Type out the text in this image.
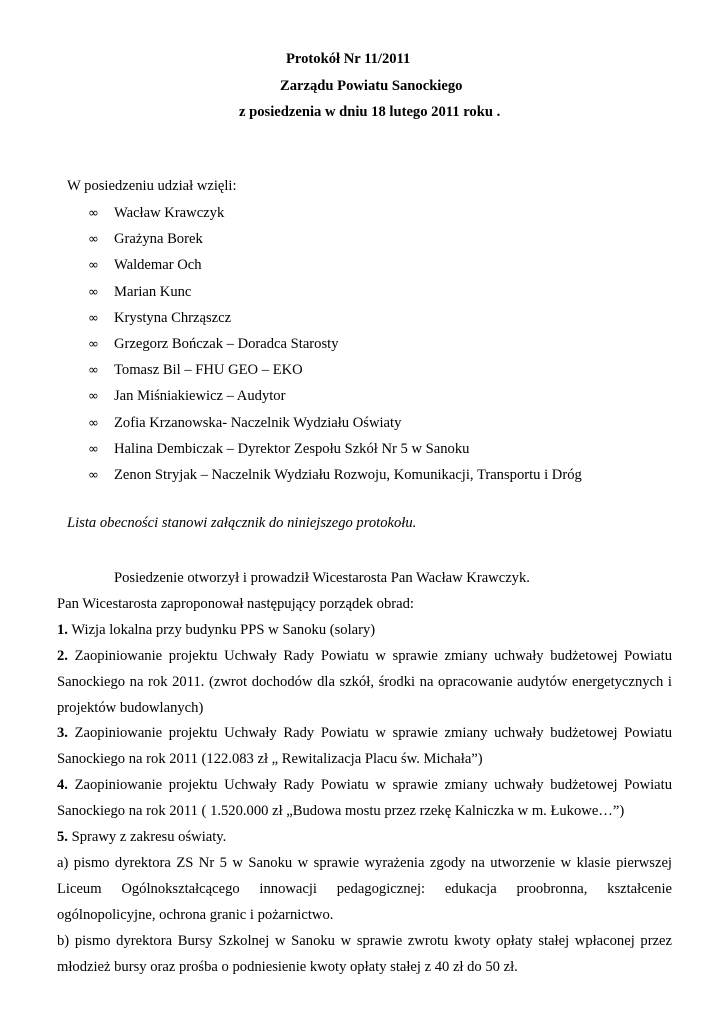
Protokół Nr 11/2011
Zarządu Powiatu Sanockiego
z posiedzenia w dniu 18 lutego 2011 roku .
W posiedzeniu udział wzięli:
∞ Wacław Krawczyk
∞ Grażyna Borek
∞ Waldemar Och
∞ Marian Kunc
∞ Krystyna Chrząszcz
∞ Grzegorz Bończak – Doradca Starosty
∞ Tomasz Bil – FHU GEO – EKO
∞ Jan Miśniakiewicz – Audytor
∞ Zofia Krzanowska- Naczelnik Wydziału Oświaty
∞ Halina Dembiczak – Dyrektor Zespołu Szkół Nr 5 w Sanoku
∞ Zenon Stryjak – Naczelnik Wydziału Rozwoju, Komunikacji, Transportu i Dróg
Lista obecności stanowi załącznik do niniejszego protokołu.

Posiedzenie otworzył i prowadził Wicestarosta Pan Wacław Krawczyk.

Pan Wicestarosta zaproponował następujący porządek obrad:

1. Wizja lokalna przy budynku PPS w Sanoku (solary)

2. Zaopiniowanie projektu Uchwały Rady Powiatu w sprawie zmiany uchwały budżetowej Powiatu Sanockiego na rok 2011. (zwrot dochodów dla szkół, środki na opracowanie audytów energetycznych i projektów budowlanych)

3. Zaopiniowanie projektu Uchwały Rady Powiatu w sprawie zmiany uchwały budżetowej Powiatu Sanockiego na rok 2011 (122.083 zł „ Rewitalizacja Placu św. Michała”)

4. Zaopiniowanie projektu Uchwały Rady Powiatu w sprawie zmiany uchwały budżetowej Powiatu Sanockiego na rok 2011 ( 1.520.000 zł „Budowa mostu przez rzekę Kalniczka w m. Łukowe…”)

5. Sprawy z zakresu oświaty.

a) pismo dyrektora ZS Nr 5 w Sanoku w sprawie wyrażenia zgody na utworzenie w klasie pierwszej Liceum Ogólnokształcącego innowacji pedagogicznej: edukacja proobronna, kształcenie ogólnopolicyjne, ochrona granic i pożarnictwo.

b) pismo dyrektora Bursy Szkolnej w Sanoku w sprawie zwrotu kwoty opłaty stałej wpłaconej przez młodzież bursy oraz prośba o podniesienie kwoty opłaty stałej z 40 zł do 50 zł.
